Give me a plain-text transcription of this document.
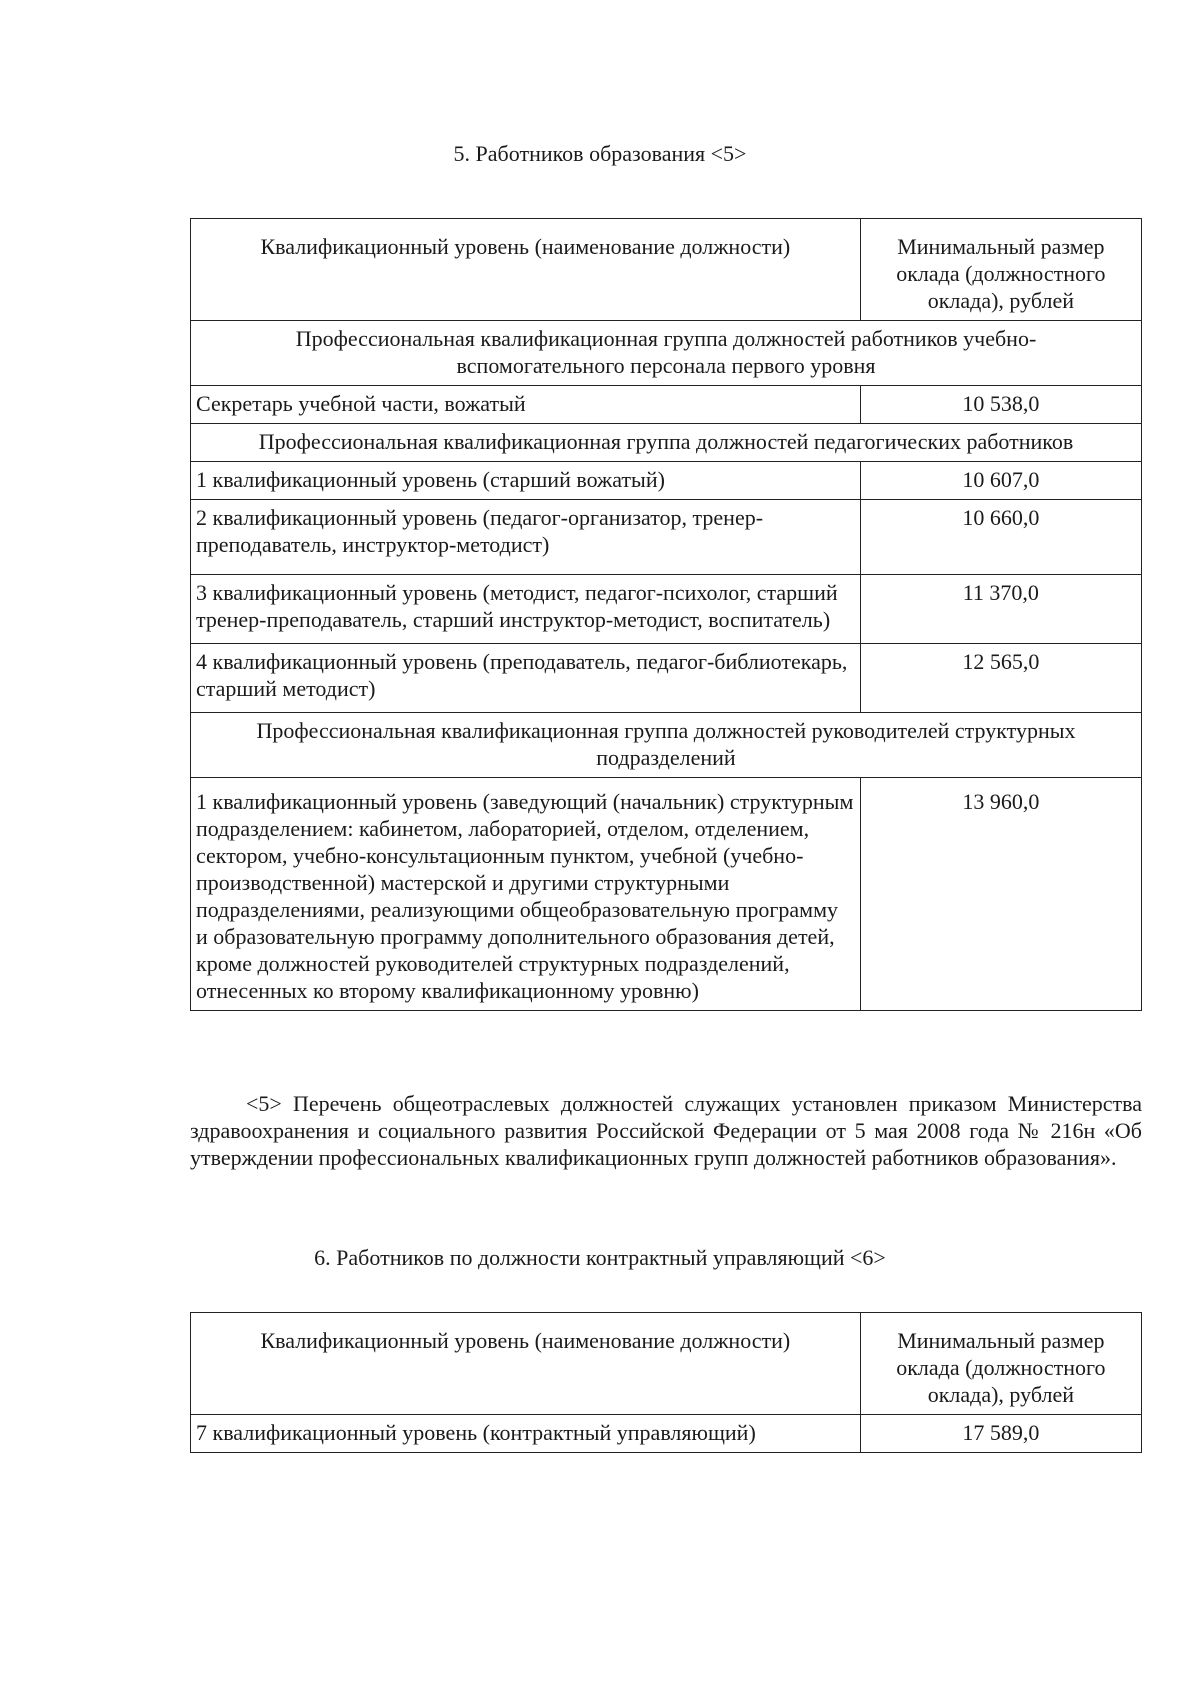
5. Работников образования <5>
Квалификационный уровень (наименование должности)	Минимальный размер оклада (должностного оклада), рублей
Профессиональная квалификационная группа должностей работников учебно-вспомогательного персонала первого уровня	
Секретарь учебной части, вожатый	10 538,0
Профессиональная квалификационная группа должностей педагогических работников	
1 квалификационный уровень (старший вожатый)	10 607,0
2 квалификационный уровень (педагог-организатор, тренер-преподаватель, инструктор-методист)	10 660,0
3 квалификационный уровень (методист, педагог-психолог, старший тренер-преподаватель, старший инструктор-методист, воспитатель)	11 370,0
4 квалификационный уровень (преподаватель, педагог-библиотекарь, старший методист)	12 565,0
Профессиональная квалификационная группа должностей руководителей структурных подразделений	
1 квалификационный уровень (заведующий (начальник) структурным подразделением: кабинетом, лабораторией, отделом, отделением, сектором, учебно-консультационным пунктом, учебной (учебно-производственной) мастерской и другими структурными подразделениями, реализующими общеобразовательную программу и образовательную программу дополнительного образования детей, кроме должностей руководителей структурных подразделений, отнесенных ко второму квалификационному уровню)	13 960,0
<5> Перечень общеотраслевых должностей служащих установлен приказом Министерства здравоохранения и социального развития Российской Федерации от 5 мая 2008 года № 216н «Об утверждении профессиональных квалификационных групп должностей работников образования».
6. Работников по должности контрактный управляющий <6>
Квалификационный уровень (наименование должности)	Минимальный размер оклада (должностного оклада), рублей
7 квалификационный уровень (контрактный управляющий)	17 589,0
